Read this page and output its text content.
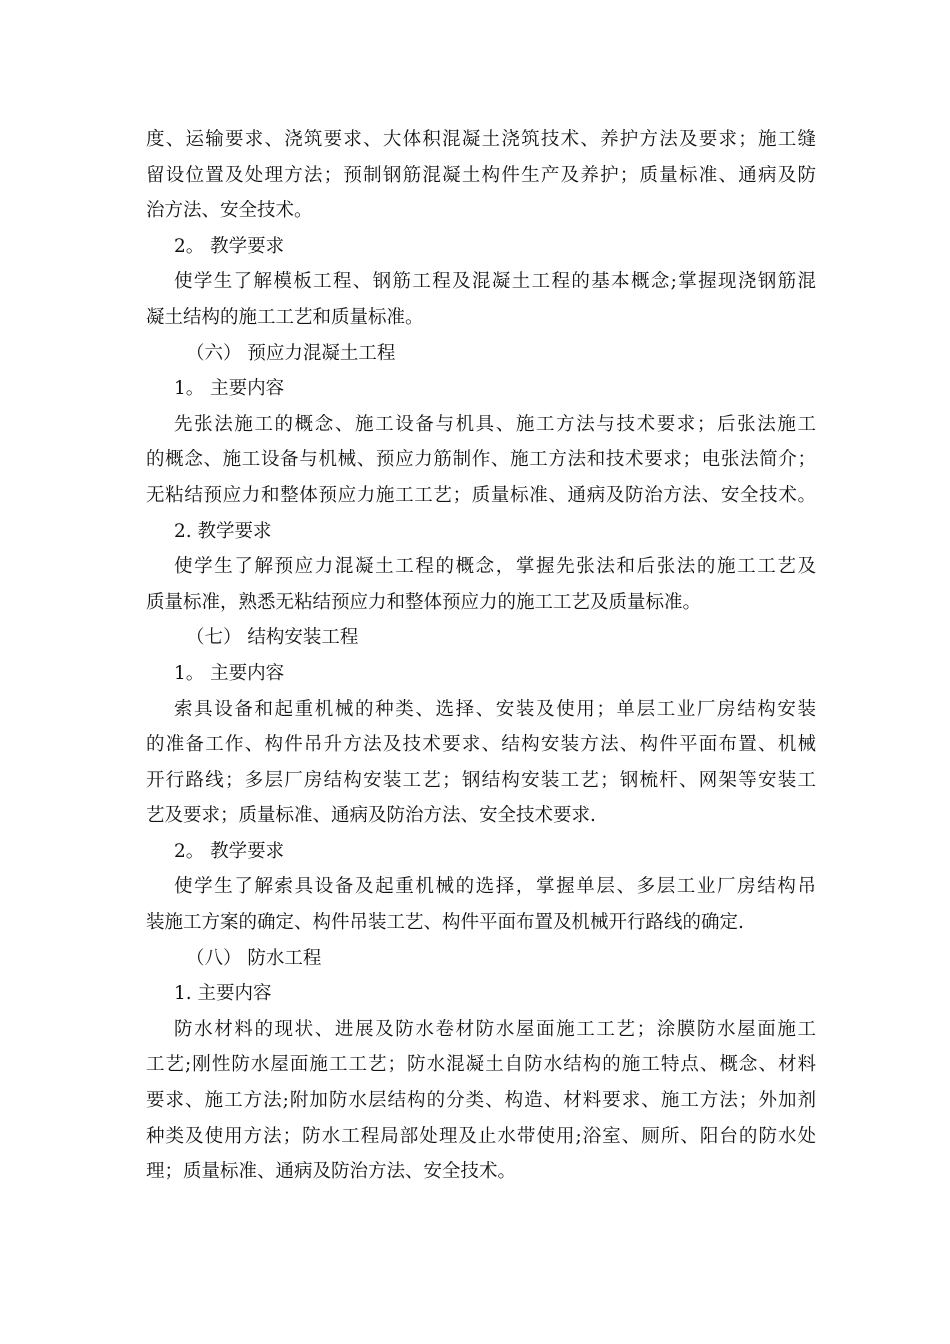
度、运输要求、浇筑要求、大体积混凝土浇筑技术、养护方法及要求；施工缝
留设位置及处理方法；预制钢筋混凝土构件生产及养护；质量标准、通病及防
治方法、安全技术。
2。 教学要求
使学生了解模板工程、钢筋工程及混凝土工程的基本概念;掌握现浇钢筋混
凝土结构的施工工艺和质量标准。
（六） 预应力混凝土工程
1。 主要内容
先张法施工的概念、施工设备与机具、施工方法与技术要求；后张法施工
的概念、施工设备与机械、预应力筋制作、施工方法和技术要求；电张法简介；
无粘结预应力和整体预应力施工工艺；质量标准、通病及防治方法、安全技术。
2. 教学要求
使学生了解预应力混凝土工程的概念，掌握先张法和后张法的施工工艺及
质量标准，熟悉无粘结预应力和整体预应力的施工工艺及质量标准。
（七） 结构安装工程
1。 主要内容
索具设备和起重机械的种类、选择、安装及使用；单层工业厂房结构安装
的准备工作、构件吊升方法及技术要求、结构安装方法、构件平面布置、机械
开行路线；多层厂房结构安装工艺；钢结构安装工艺；钢梳杆、网架等安装工
艺及要求；质量标准、通病及防治方法、安全技术要求.
2。 教学要求
使学生了解索具设备及起重机械的选择，掌握单层、多层工业厂房结构吊
装施工方案的确定、构件吊装工艺、构件平面布置及机械开行路线的确定.
（八） 防水工程
1. 主要内容
防水材料的现状、进展及防水卷材防水屋面施工工艺；涂膜防水屋面施工
工艺;刚性防水屋面施工工艺；防水混凝土自防水结构的施工特点、概念、材料
要求、施工方法;附加防水层结构的分类、构造、材料要求、施工方法；外加剂
种类及使用方法；防水工程局部处理及止水带使用;浴室、厕所、阳台的防水处
理；质量标准、通病及防治方法、安全技术。
